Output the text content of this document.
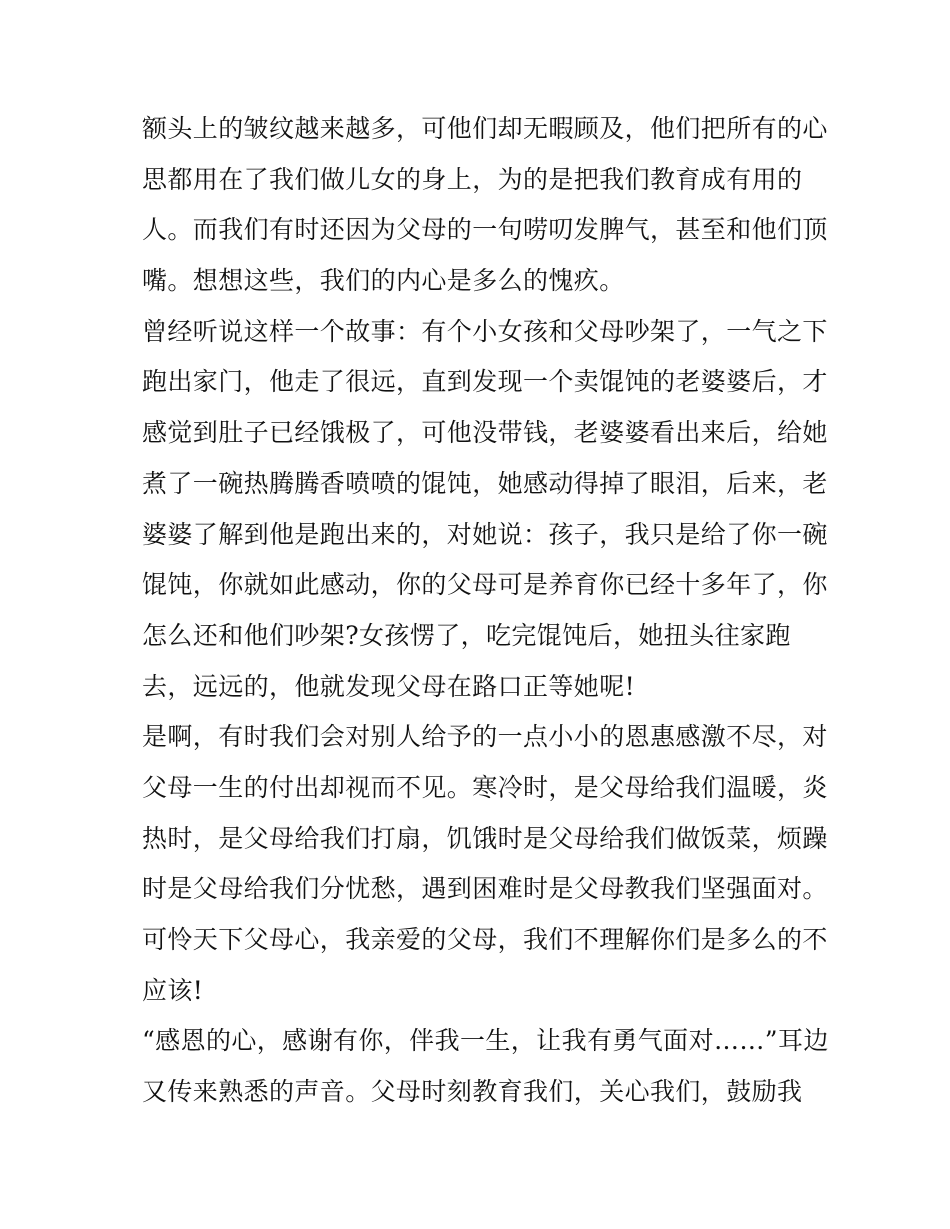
额头上的皱纹越来越多，可他们却无暇顾及，他们把所有的心
思都用在了我们做儿女的身上，为的是把我们教育成有用的
人。而我们有时还因为父母的一句唠叨发脾气，甚至和他们顶
嘴。想想这些，我们的内心是多么的愧疚。
曾经听说这样一个故事：有个小女孩和父母吵架了，一气之下
跑出家门，他走了很远，直到发现一个卖馄饨的老婆婆后，才
感觉到肚子已经饿极了，可他没带钱，老婆婆看出来后，给她
煮了一碗热腾腾香喷喷的馄饨，她感动得掉了眼泪，后来，老
婆婆了解到他是跑出来的，对她说：孩子，我只是给了你一碗
馄饨，你就如此感动，你的父母可是养育你已经十多年了，你
怎么还和他们吵架?女孩愣了，吃完馄饨后，她扭头往家跑
去，远远的，他就发现父母在路口正等她呢!
是啊，有时我们会对别人给予的一点小小的恩惠感激不尽，对
父母一生的付出却视而不见。寒冷时，是父母给我们温暖，炎
热时，是父母给我们打扇，饥饿时是父母给我们做饭菜，烦躁
时是父母给我们分忧愁，遇到困难时是父母教我们坚强面对。
可怜天下父母心，我亲爱的父母，我们不理解你们是多么的不
应该!
“感恩的心，感谢有你，伴我一生，让我有勇气面对……”耳边
又传来熟悉的声音。父母时刻教育我们，关心我们，鼓励我
